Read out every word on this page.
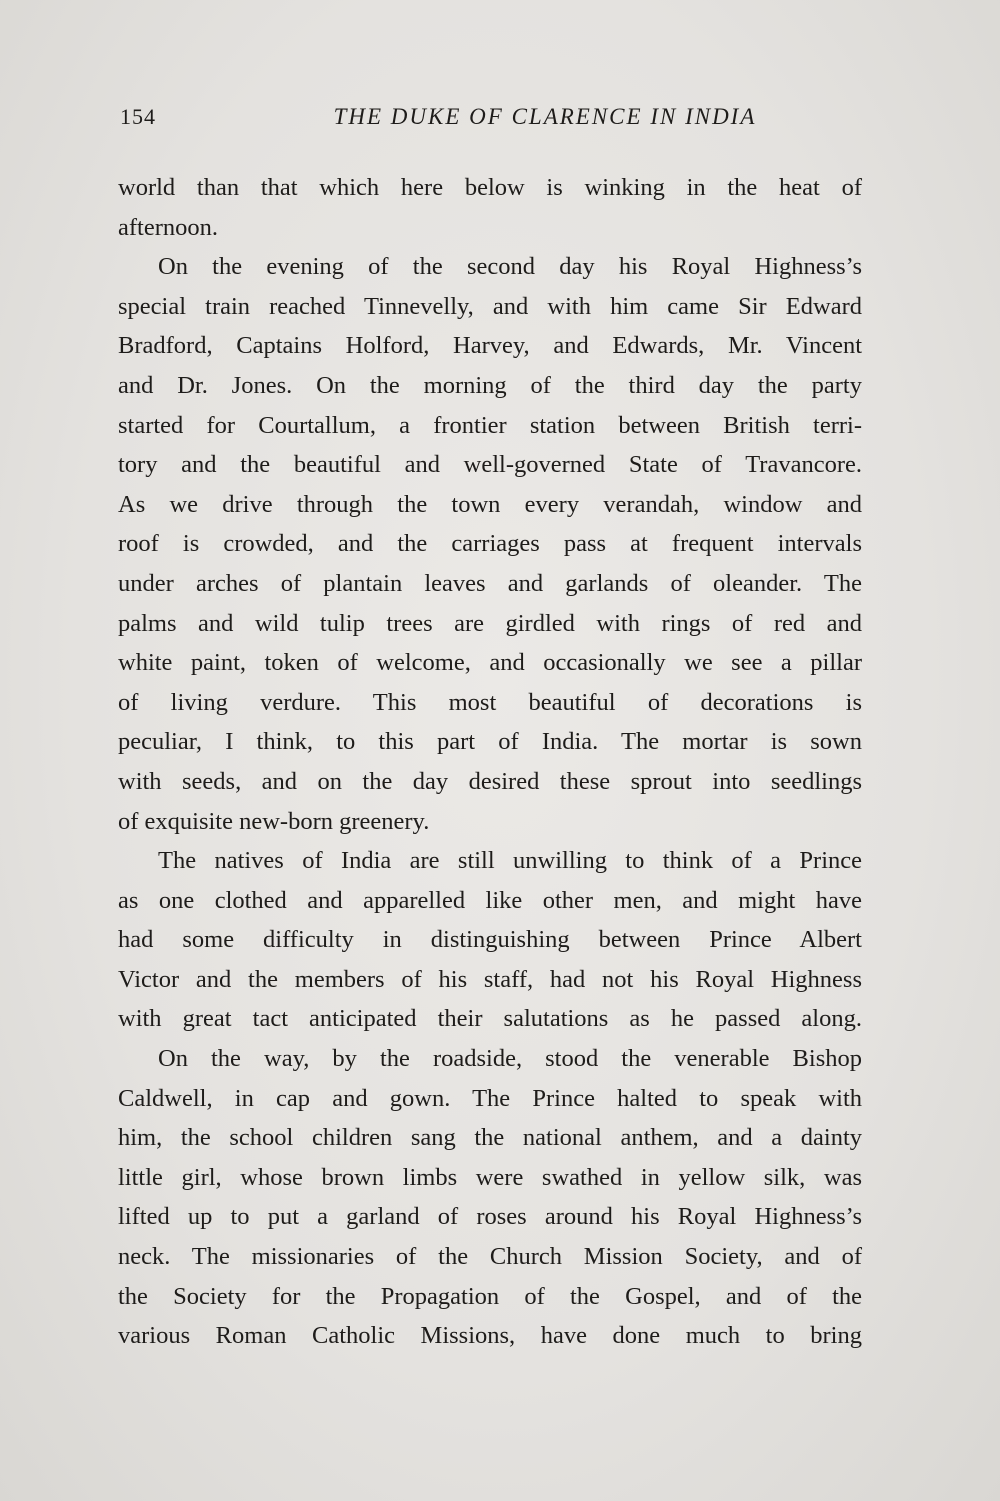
154	THE DUKE OF CLARENCE IN INDIA
world than that which here below is winking in the heat of
afternoon.
On the evening of the second day his Royal Highness’s
special train reached Tinnevelly, and with him came Sir Edward
Bradford, Captains Holford, Harvey, and Edwards, Mr. Vincent
and Dr. Jones. On the morning of the third day the party
started for Courtallum, a frontier station between British terri-
tory and the beautiful and well-governed State of Travancore.
As we drive through the town every verandah, window and
roof is crowded, and the carriages pass at frequent intervals
under arches of plantain leaves and garlands of oleander. The
palms and wild tulip trees are girdled with rings of red and
white paint, token of welcome, and occasionally we see a pillar
of living verdure. This most beautiful of decorations is
peculiar, I think, to this part of India. The mortar is sown
with seeds, and on the day desired these sprout into seedlings
of exquisite new-born greenery.
The natives of India are still unwilling to think of a Prince
as one clothed and apparelled like other men, and might have
had some difficulty in distinguishing between Prince Albert
Victor and the members of his staff, had not his Royal Highness
with great tact anticipated their salutations as he passed along.
On the way, by the roadside, stood the venerable Bishop
Caldwell, in cap and gown. The Prince halted to speak with
him, the school children sang the national anthem, and a dainty
little girl, whose brown limbs were swathed in yellow silk, was
lifted up to put a garland of roses around his Royal Highness’s
neck. The missionaries of the Church Mission Society, and of
the Society for the Propagation of the Gospel, and of the
various Roman Catholic Missions, have done much to bring
